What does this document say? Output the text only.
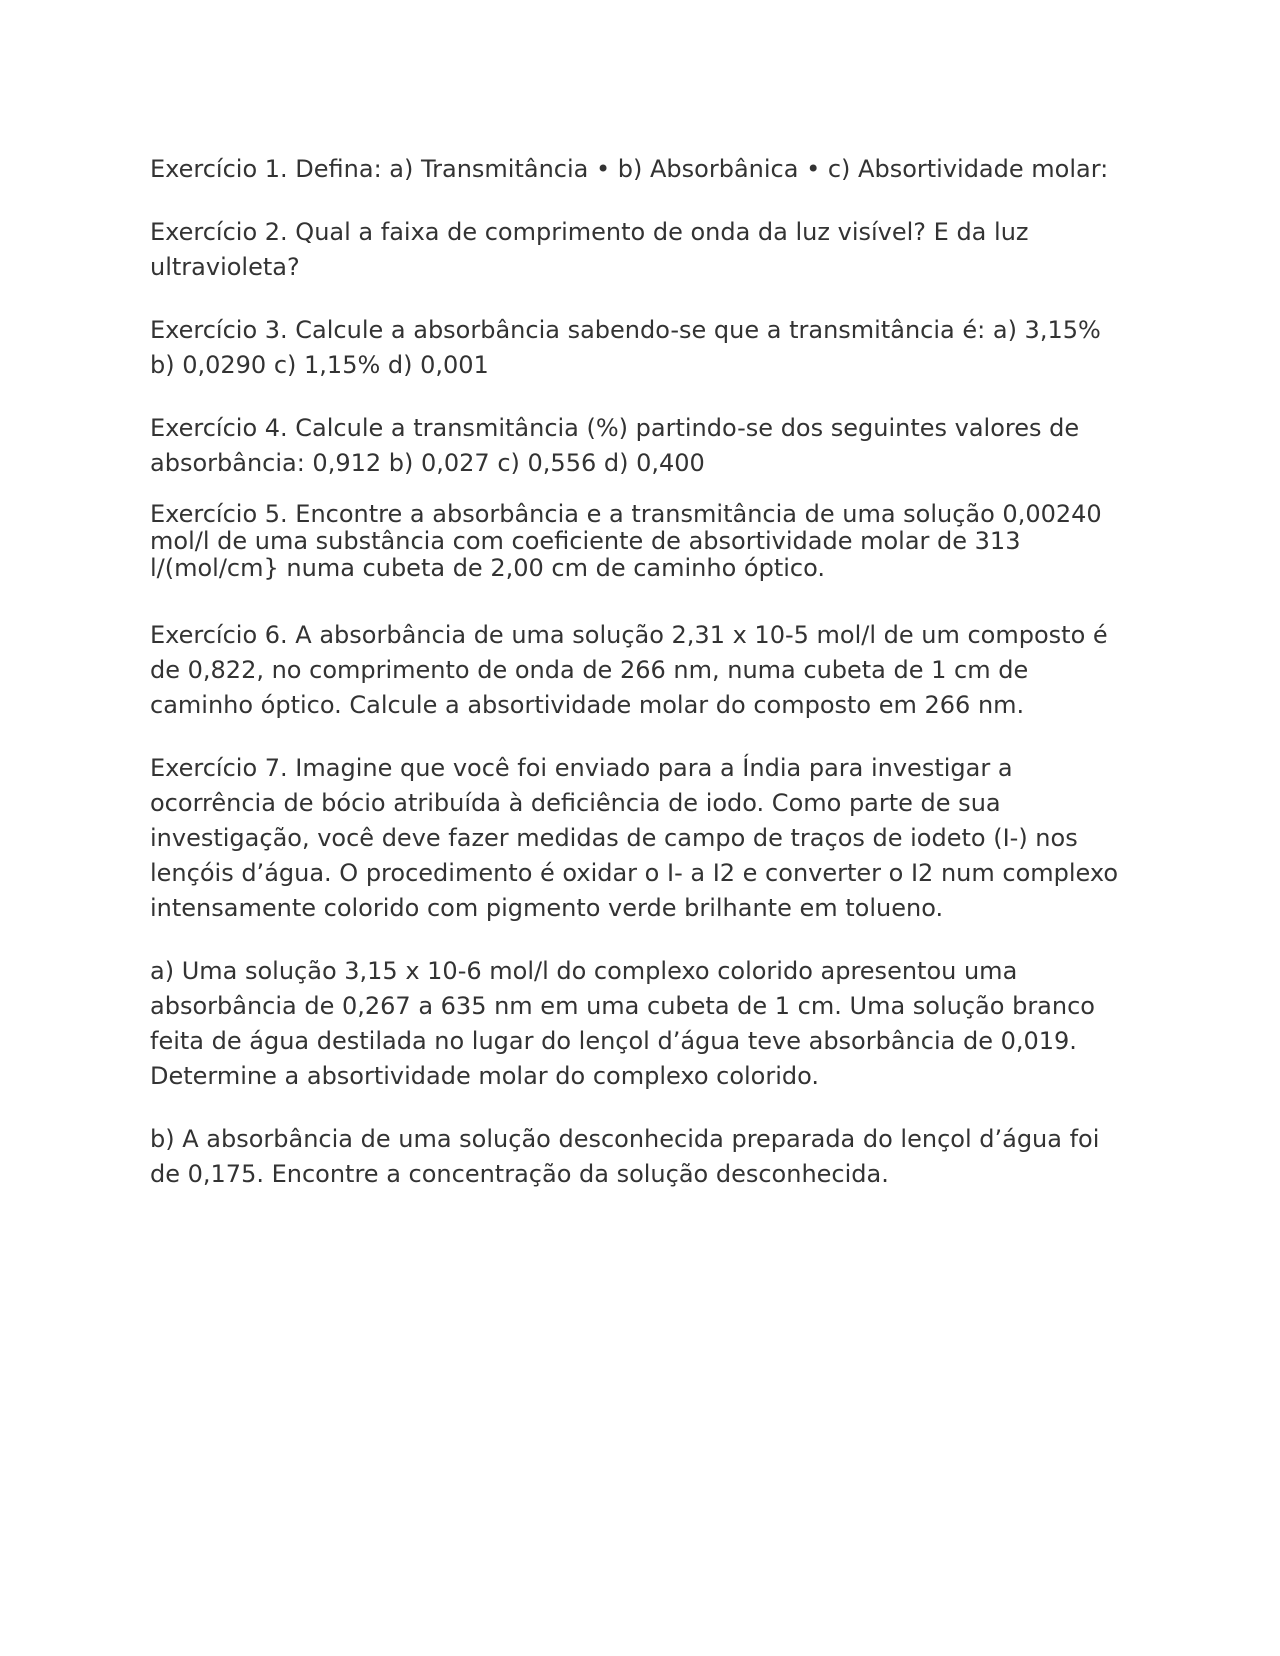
Exercício 1. Defina: a) Transmitância • b) Absorbânica • c) Absortividade molar:

Exercício 2. Qual a faixa de comprimento de onda da luz visível? E da luz ultravioleta?

Exercício 3. Calcule a absorbância sabendo-se que a transmitância é: a) 3,15% b) 0,0290 c) 1,15% d) 0,001

Exercício 4. Calcule a transmitância (%) partindo-se dos seguintes valores de absorbância: 0,912 b) 0,027 c) 0,556 d) 0,400

Exercício 5. Encontre a absorbância e a transmitância de uma solução 0,00240 mol/l de uma substância com coeficiente de absortividade molar de 313 l/(mol/cm} numa cubeta de 2,00 cm de caminho óptico.

Exercício 6. A absorbância de uma solução 2,31 x 10-5 mol/l de um composto é de 0,822, no comprimento de onda de 266 nm, numa cubeta de 1 cm de caminho óptico. Calcule a absortividade molar do composto em 266 nm.

Exercício 7. Imagine que você foi enviado para a Índia para investigar a ocorrência de bócio atribuída à deficiência de iodo. Como parte de sua investigação, você deve fazer medidas de campo de traços de iodeto (I-) nos lençóis d’água. O procedimento é oxidar o I- a I2 e converter o I2 num complexo intensamente colorido com pigmento verde brilhante em tolueno.

a) Uma solução 3,15 x 10-6 mol/l do complexo colorido apresentou uma absorbância de 0,267 a 635 nm em uma cubeta de 1 cm. Uma solução branco feita de água destilada no lugar do lençol d’água teve absorbância de 0,019. Determine a absortividade molar do complexo colorido.

b) A absorbância de uma solução desconhecida preparada do lençol d’água foi de 0,175. Encontre a concentração da solução desconhecida.
